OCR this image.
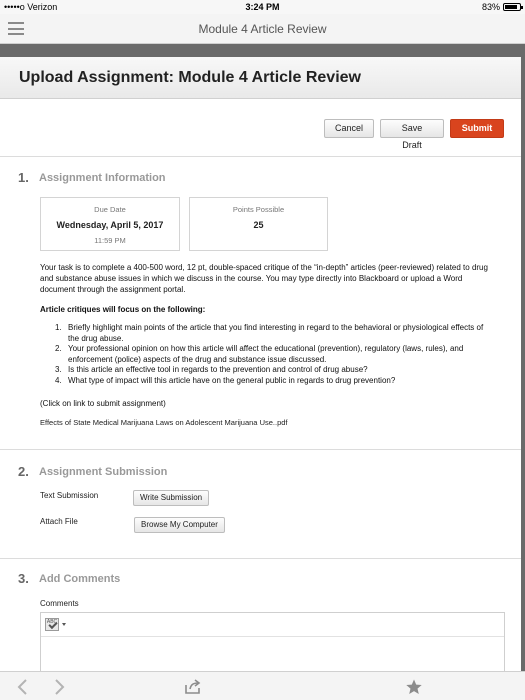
•••••o Verizon	3:24 PM	83%
Module 4 Article Review
Upload Assignment: Module 4 Article Review
Cancel	Save Draft
Submit
1. Assignment Information
Due Date
Wednesday, April 5, 2017
11:59 PM
Points Possible
25
Your task is to complete a 400-500 word, 12 pt, double-spaced critique of the “in-depth” articles (peer-reviewed) related to drug and substance abuse issues in which we discuss in the course. You may type directly into Blackboard or upload a Word document through the assignment portal.
Article critiques will focus on the following:
1. Briefly highlight main points of the article that you find interesting in regard to the behavioral or physiological effects of the drug abuse.
2. Your professional opinion on how this article will affect the educational (prevention), regulatory (laws, rules), and enforcement (police) aspects of the drug and substance issue discussed.
3. Is this article an effective tool in regards to the prevention and control of drug abuse?
4. What type of impact will this article have on the general public in regards to drug prevention?
(Click on link to submit assignment)
Effects of State Medical Marijuana Laws on Adolescent Marijuana Use..pdf
2. Assignment Submission
Text Submission	Write Submission
Attach File	Browse My Computer
3. Add Comments
Comments
ABC
